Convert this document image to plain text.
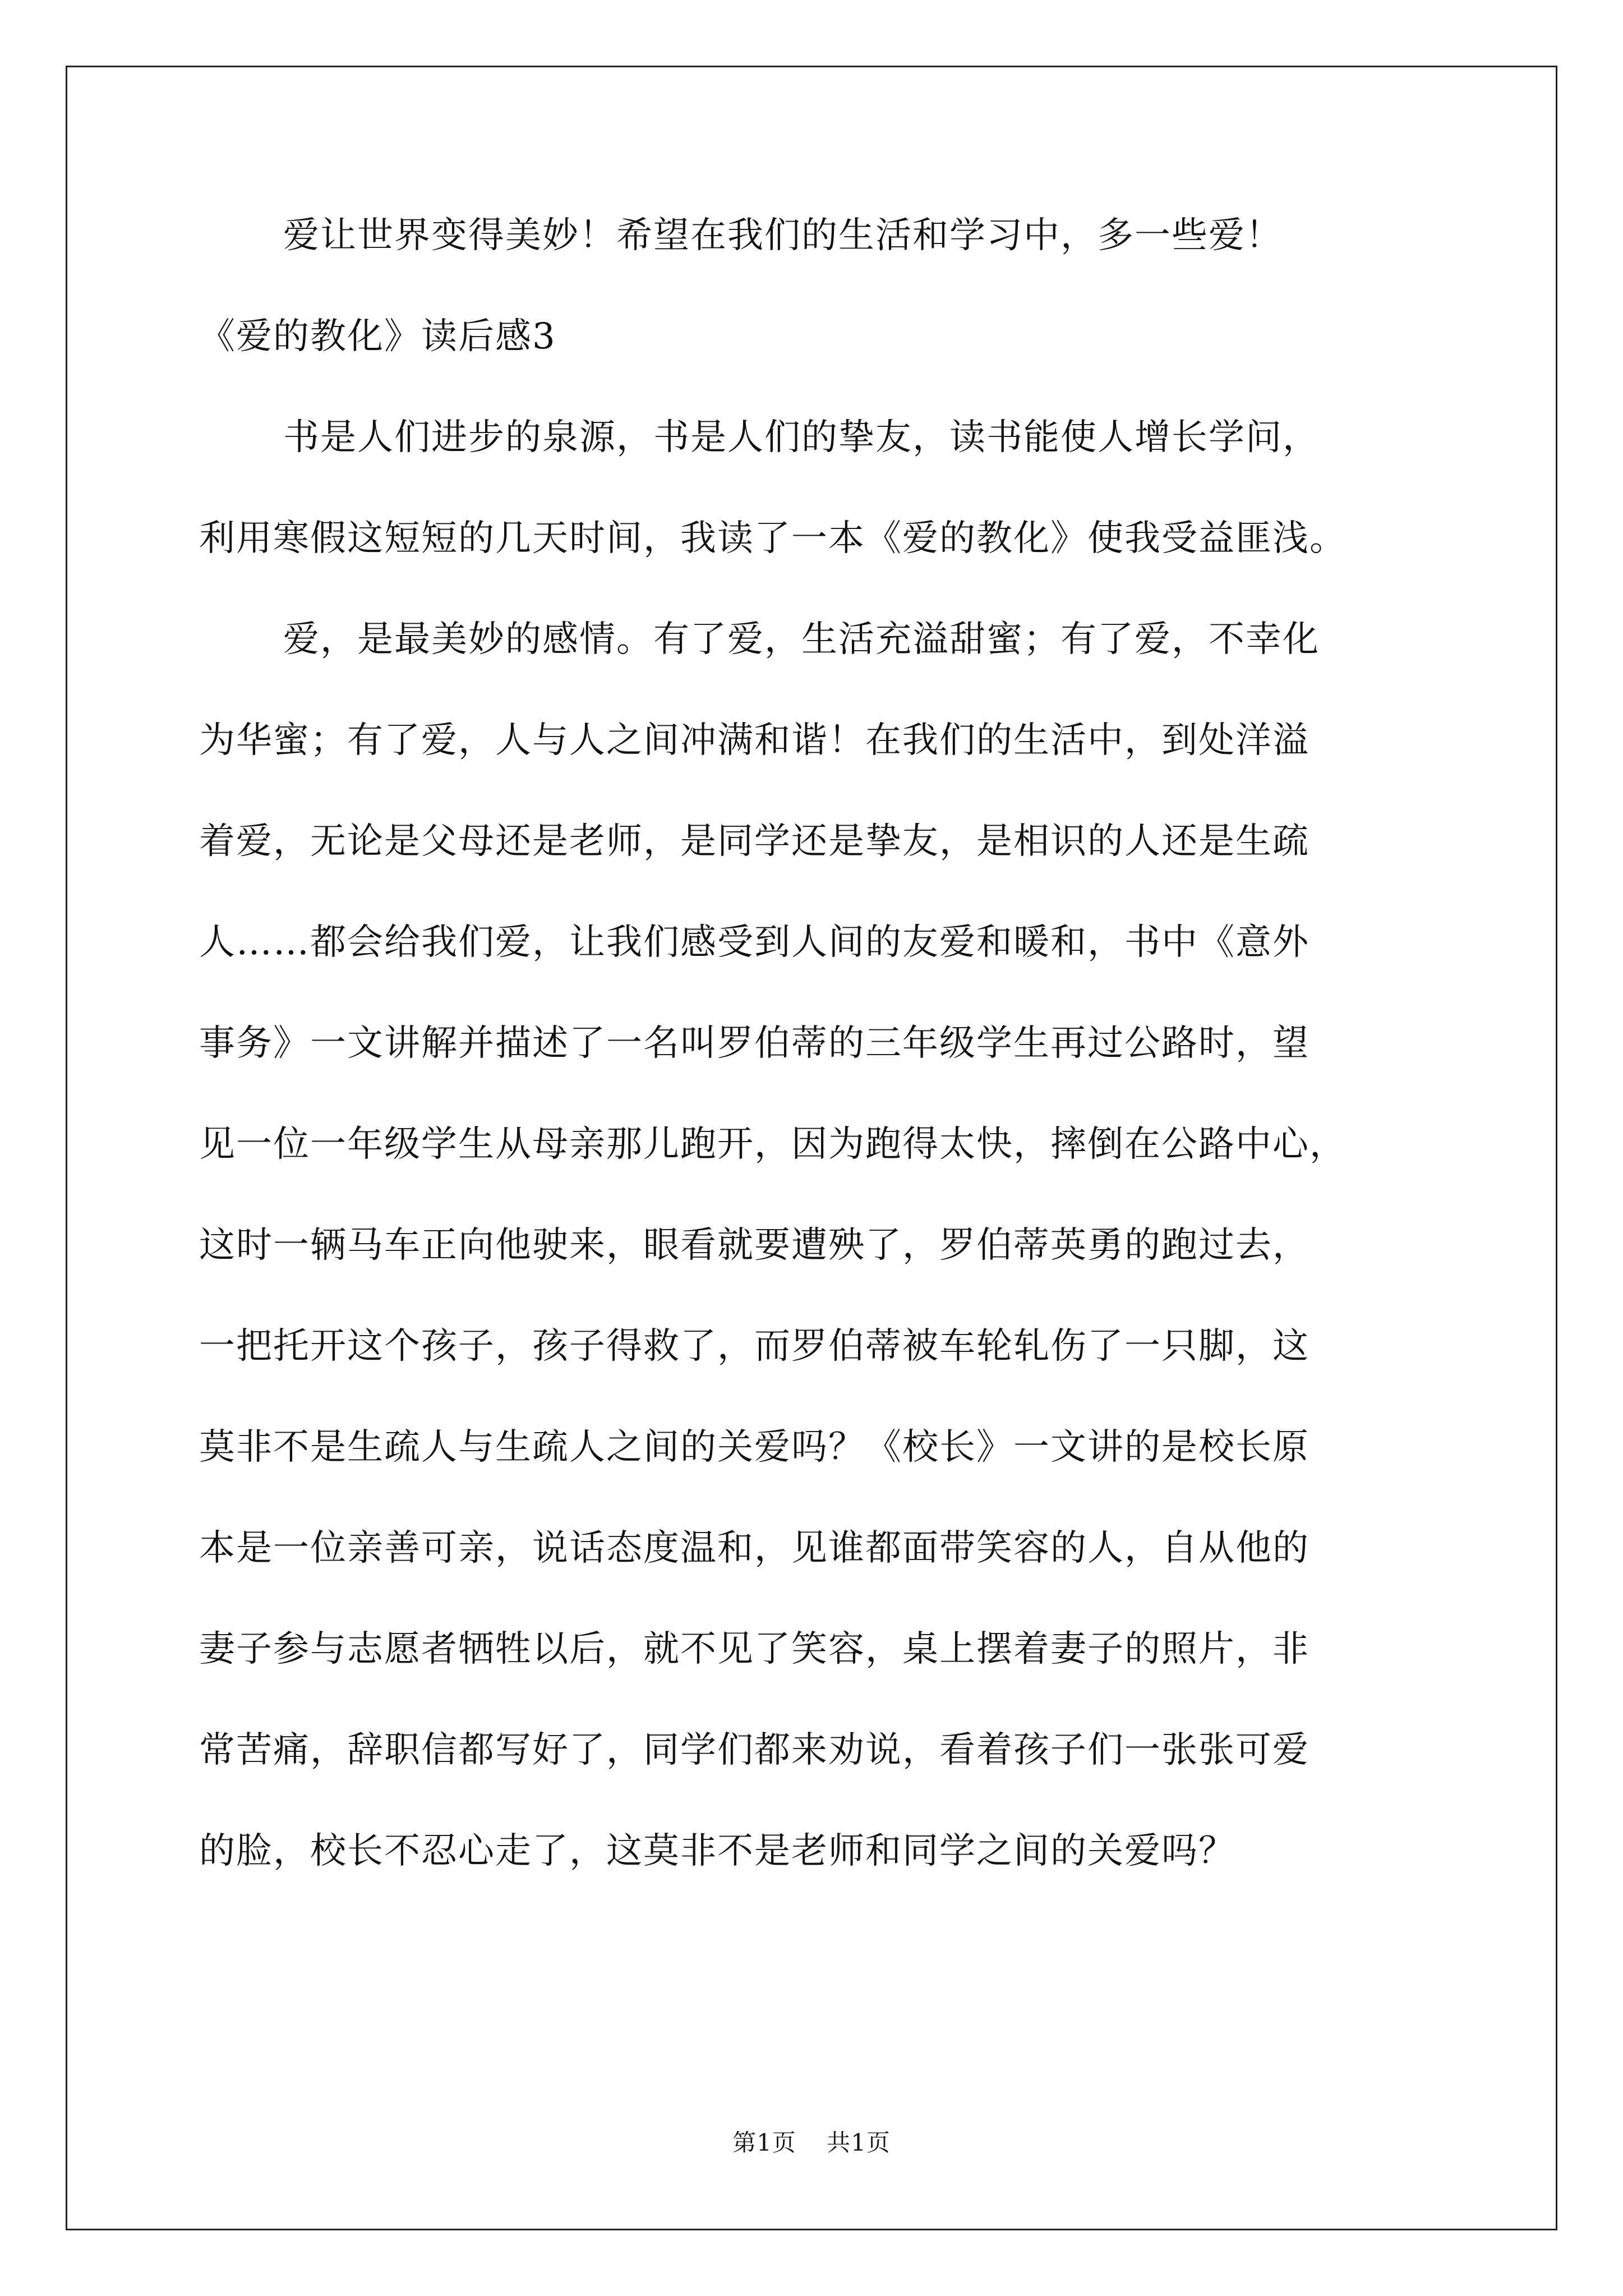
爱让世界变得美妙！希望在我们的生活和学习中，多一些爱！
《爱的教化》读后感3
书是人们进步的泉源，书是人们的挚友，读书能使人增长学问，
利用寒假这短短的几天时间，我读了一本《爱的教化》使我受益匪浅。
爱，是最美妙的感情。有了爱，生活充溢甜蜜；有了爱，不幸化
为华蜜；有了爱，人与人之间冲满和谐！在我们的生活中，到处洋溢
着爱，无论是父母还是老师，是同学还是挚友，是相识的人还是生疏
人……都会给我们爱，让我们感受到人间的友爱和暖和，书中《意外
事务》一文讲解并描述了一名叫罗伯蒂的三年级学生再过公路时，望
见一位一年级学生从母亲那儿跑开，因为跑得太快，摔倒在公路中心，
这时一辆马车正向他驶来，眼看就要遭殃了，罗伯蒂英勇的跑过去，
一把托开这个孩子，孩子得救了，而罗伯蒂被车轮轧伤了一只脚，这
莫非不是生疏人与生疏人之间的关爱吗？《校长》一文讲的是校长原
本是一位亲善可亲，说话态度温和，见谁都面带笑容的人，自从他的
妻子参与志愿者牺牲以后，就不见了笑容，桌上摆着妻子的照片，非
常苦痛，辞职信都写好了，同学们都来劝说，看着孩子们一张张可爱
的脸，校长不忍心走了，这莫非不是老师和同学之间的关爱吗？
第1页 共1页
